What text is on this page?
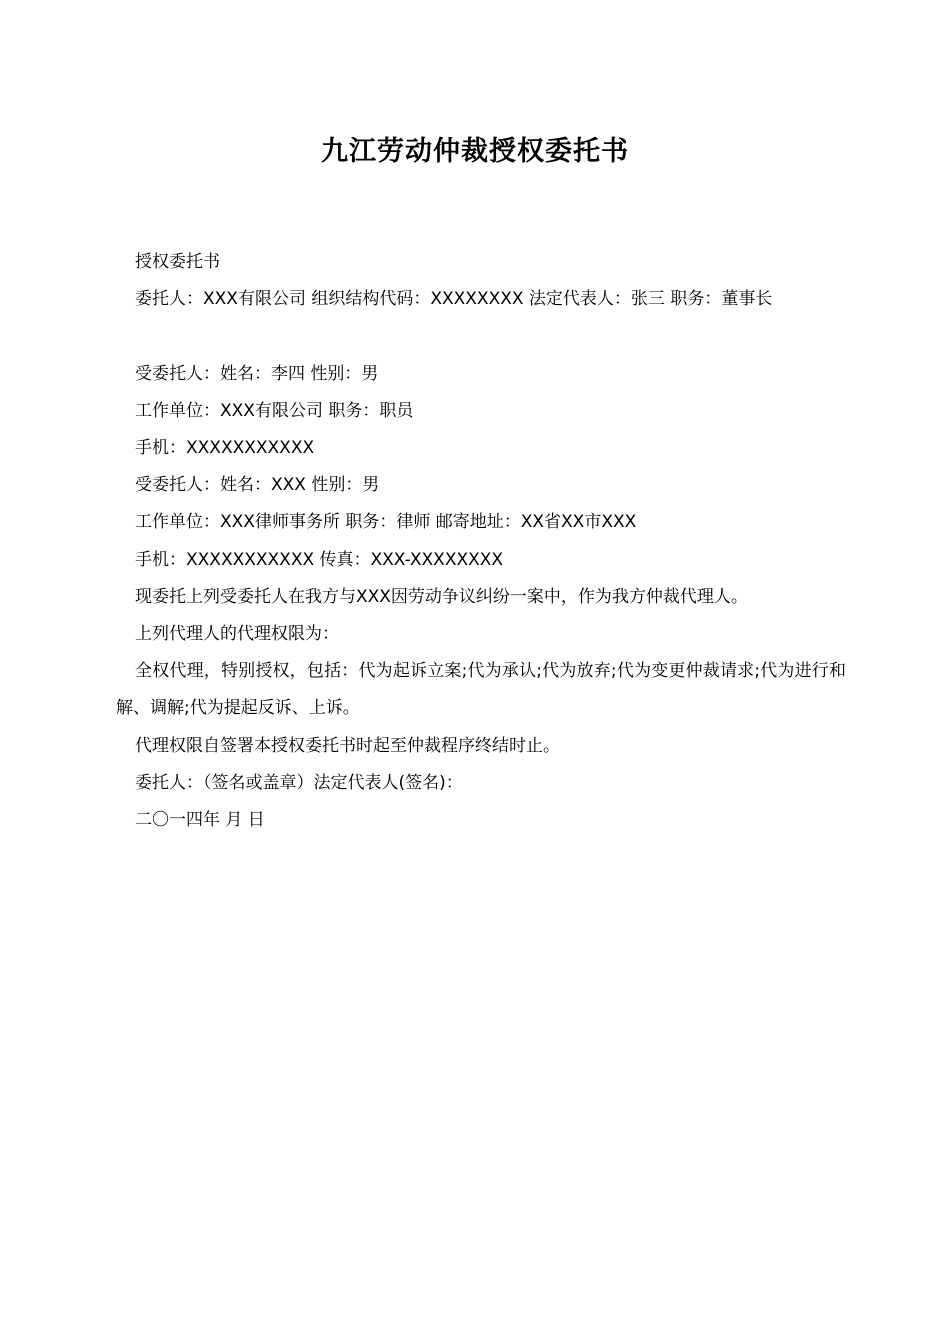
九江劳动仲裁授权委托书

授权委托书

委托人：XXX有限公司 组织结构代码：XXXXXXXX 法定代表人：张三 职务：董事长

受委托人：姓名：李四 性别：男

工作单位：XXX有限公司 职务：职员

手机：XXXXXXXXXXX

受委托人：姓名：XXX 性别：男

工作单位：XXX律师事务所 职务：律师 邮寄地址：XX省XX市XXX

手机：XXXXXXXXXXX 传真：XXX-XXXXXXXX

现委托上列受委托人在我方与XXX因劳动争议纠纷一案中，作为我方仲裁代理人。

上列代理人的代理权限为：

全权代理，特别授权，包括：代为起诉立案;代为承认;代为放弃;代为变更仲裁请求;代为进行和解、调解;代为提起反诉、上诉。

代理权限自签署本授权委托书时起至仲裁程序终结时止。

委托人：（签名或盖章）法定代表人(签名)：

二〇一四年 月 日
